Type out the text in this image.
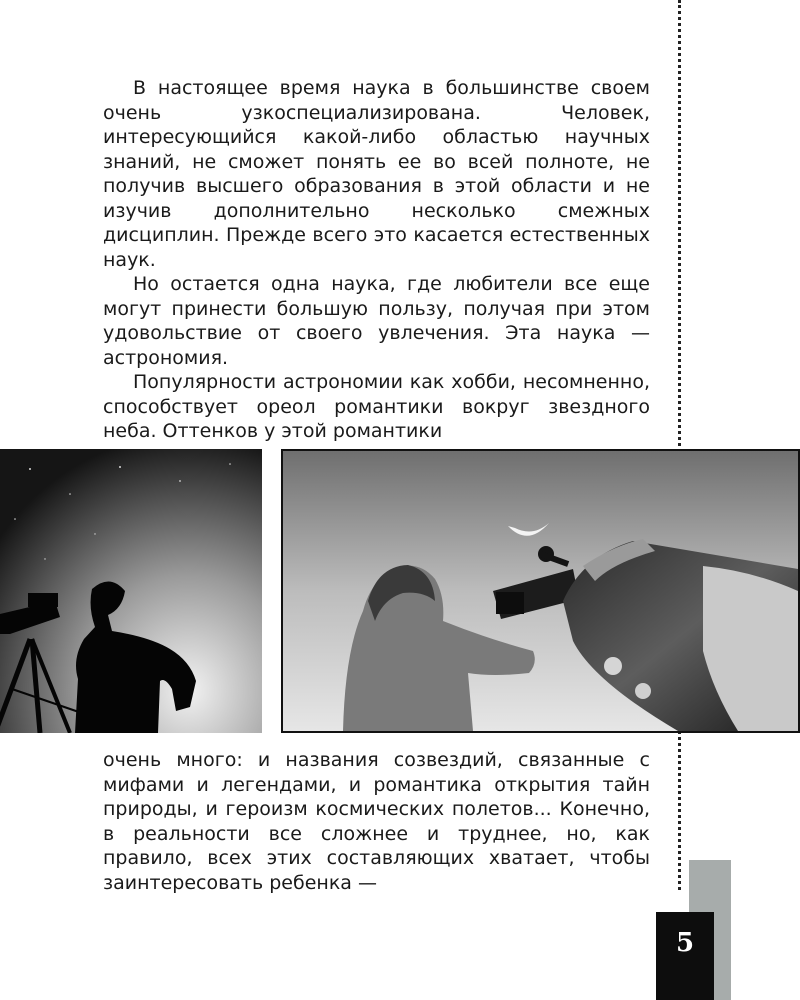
В настоящее время наука в большинстве своем очень узкоспециализирована. Человек, интересующийся какой-либо областью научных знаний, не сможет понять ее во всей полноте, не получив высшего образования в этой области и не изучив дополнительно несколько смежных дисциплин. Прежде всего это касается естественных наук.

Но остается одна наука, где любители все еще могут принести большую пользу, получая при этом удовольствие от своего увлечения. Эта наука — астрономия.

Популярности астрономии как хобби, несомненно, способствует ореол романтики вокруг звездного неба. Оттенков у этой романтики

очень много: и названия созвездий, связанные с мифами и легендами, и романтика открытия тайн природы, и героизм космических полетов... Конечно, в реальности все сложнее и труднее, но, как правило, всех этих составляющих хватает, чтобы заинтересовать ребенка —

5
